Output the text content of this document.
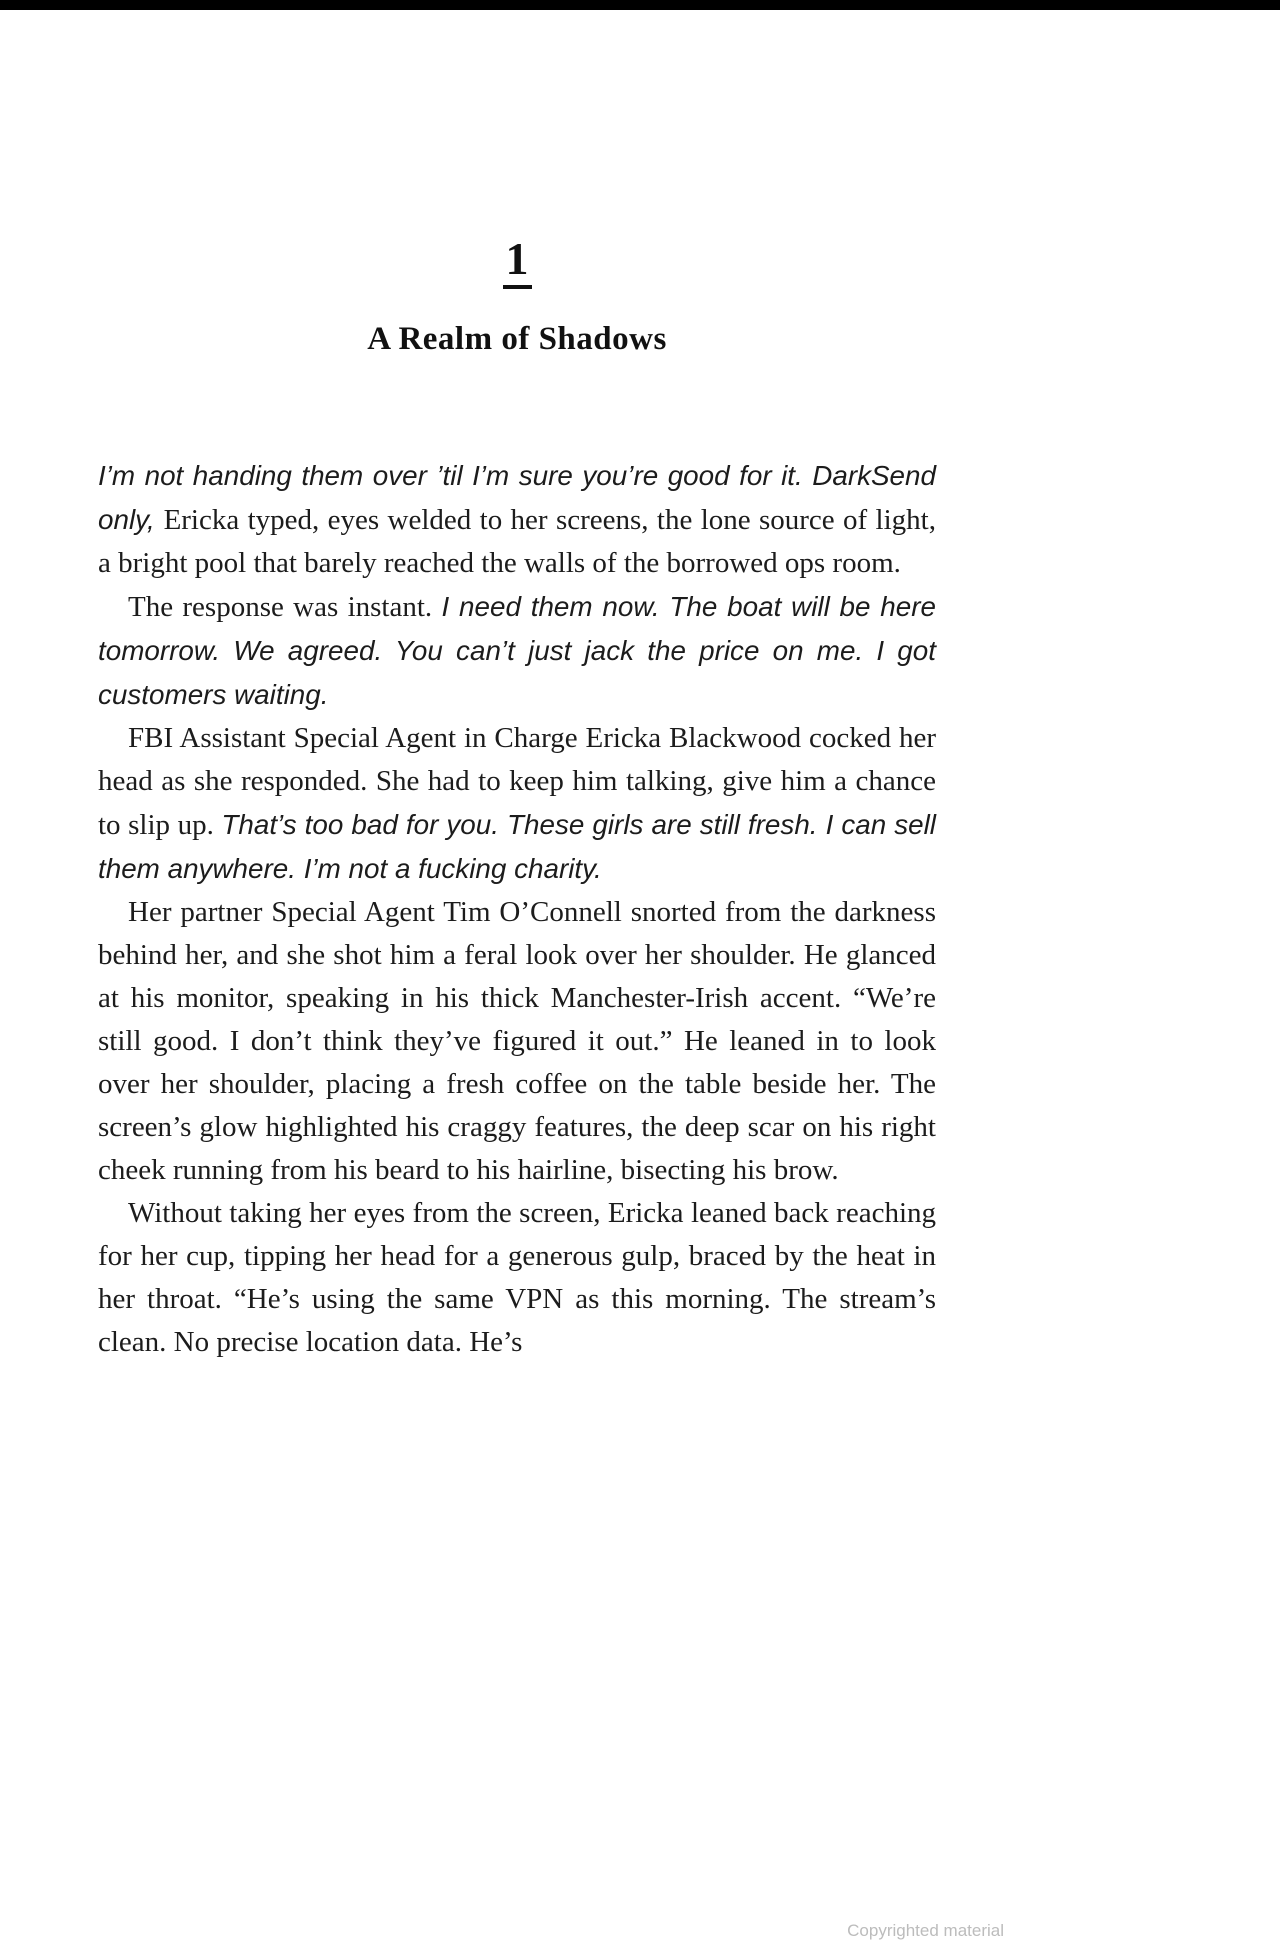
1
A Realm of Shadows

I’m not handing them over ’til I’m sure you’re good for it. DarkSend only, Ericka typed, eyes welded to her screens, the lone source of light, a bright pool that barely reached the walls of the borrowed ops room.

The response was instant. I need them now. The boat will be here tomorrow. We agreed. You can’t just jack the price on me. I got customers waiting.

FBI Assistant Special Agent in Charge Ericka Blackwood cocked her head as she responded. She had to keep him talking, give him a chance to slip up. That’s too bad for you. These girls are still fresh. I can sell them anywhere. I’m not a fucking charity.

Her partner Special Agent Tim O’Connell snorted from the darkness behind her, and she shot him a feral look over her shoulder. He glanced at his monitor, speaking in his thick Manchester-Irish accent. “We’re still good. I don’t think they’ve figured it out.” He leaned in to look over her shoulder, placing a fresh coffee on the table beside her. The screen’s glow highlighted his craggy features, the deep scar on his right cheek running from his beard to his hairline, bisecting his brow.

Without taking her eyes from the screen, Ericka leaned back reaching for her cup, tipping her head for a generous gulp, braced by the heat in her throat. “He’s using the same VPN as this morning. The stream’s clean. No precise location data. He’s

Copyrighted material
